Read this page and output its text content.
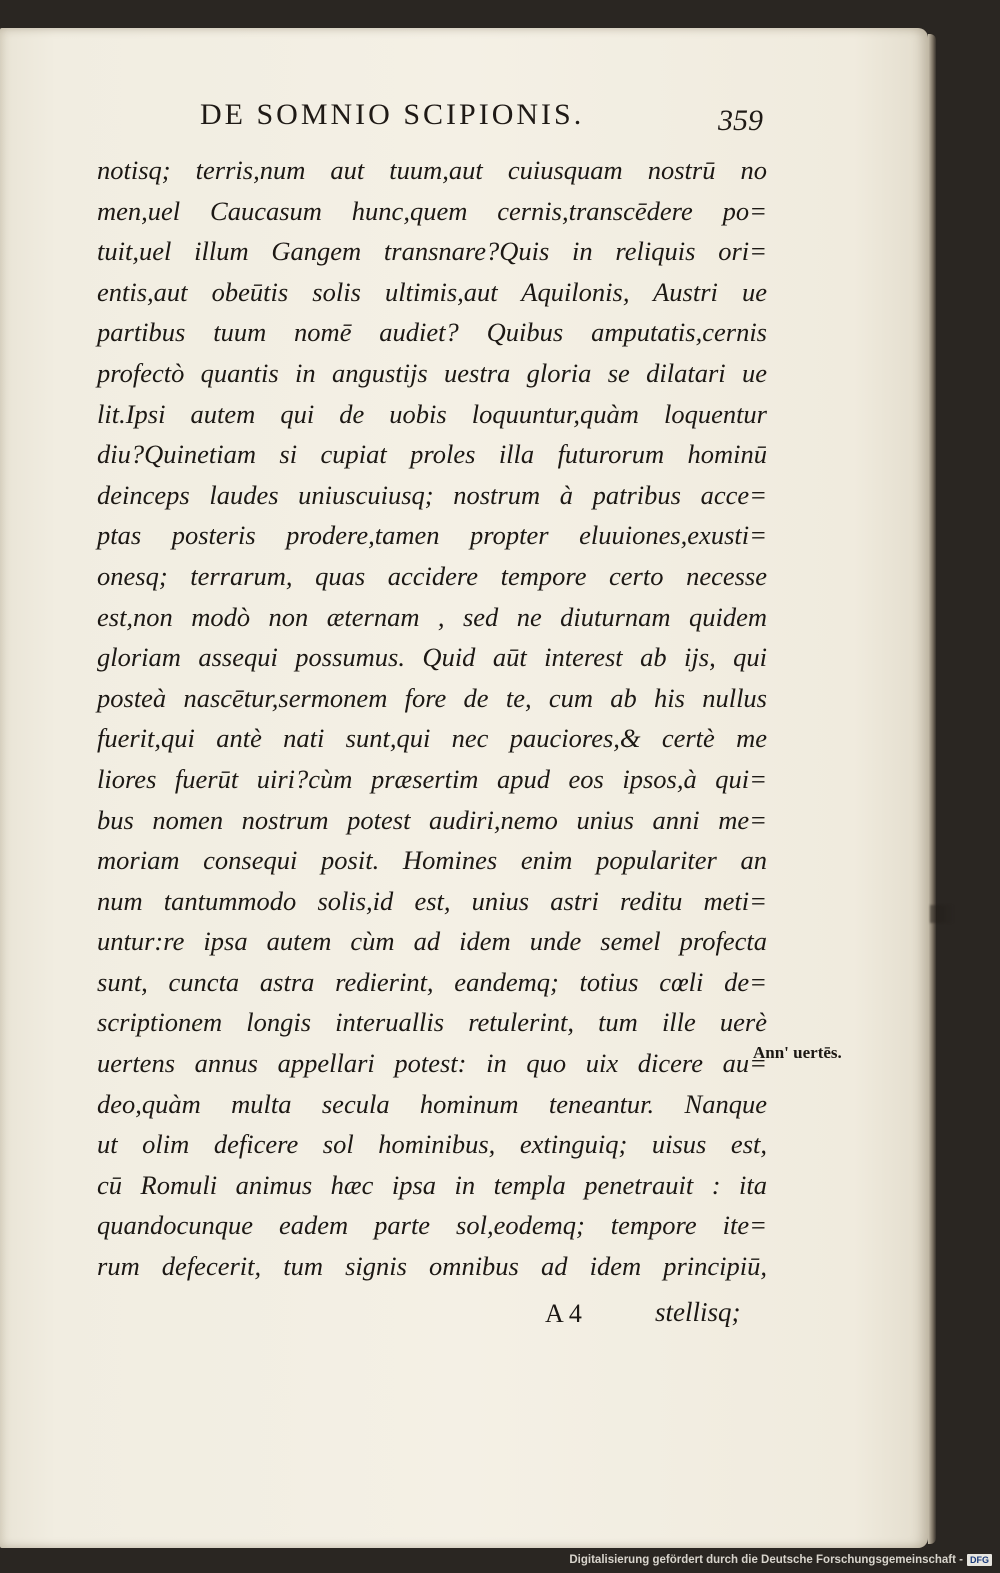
DE SOMNIO SCIPIONIS.	359
notisq; terris,num aut tuum,aut cuiusquam nostrū no
men,uel Caucasum hunc,quem cernis,transcēdere po=
tuit,uel illum Gangem transnare?Quis in reliquis ori=
entis,aut obeūtis solis ultimis,aut Aquilonis, Austri ue
partibus tuum nomē audiet? Quibus amputatis,cernis
profectò quantis in angustijs uestra gloria se dilatari ue
lit.Ipsi autem qui de uobis loquuntur,quàm loquentur
diu?Quinetiam si cupiat proles illa futurorum hominū
deinceps laudes uniuscuiusq; nostrum à patribus acce=
ptas posteris prodere,tamen propter eluuiones,exusti=
onesq; terrarum, quas accidere tempore certo necesse
est,non modò non æternam , sed ne diuturnam quidem
gloriam assequi possumus. Quid aūt interest ab ijs, qui
posteà nascētur,sermonem fore de te, cum ab his nullus
fuerit,qui antè nati sunt,qui nec pauciores,& certè me
liores fuerūt uiri?cùm præsertim apud eos ipsos,à qui=
bus nomen nostrum potest audiri,nemo unius anni me=
moriam consequi posit. Homines enim populariter an
num tantummodo solis,id est, unius astri reditu meti=
untur:re ipsa autem cùm ad idem unde semel profecta
sunt, cuncta astra redierint, eandemq; totius cœli de=
scriptionem longis interuallis retulerint, tum ille uerè
uertens annus appellari potest: in quo uix dicere au=
deo,quàm multa secula hominum teneantur. Nanque
ut olim deficere sol hominibus, extinguiq; uisus est,
cū Romuli animus hæc ipsa in templa penetrauit : ita
quandocunque eadem parte sol,eodemq; tempore ite=
rum defecerit, tum signis omnibus ad idem principiū,
Ann' uertēs.
A 4	stellisq;
Digitalisierung gefördert durch die Deutsche Forschungsgemeinschaft - DFG
